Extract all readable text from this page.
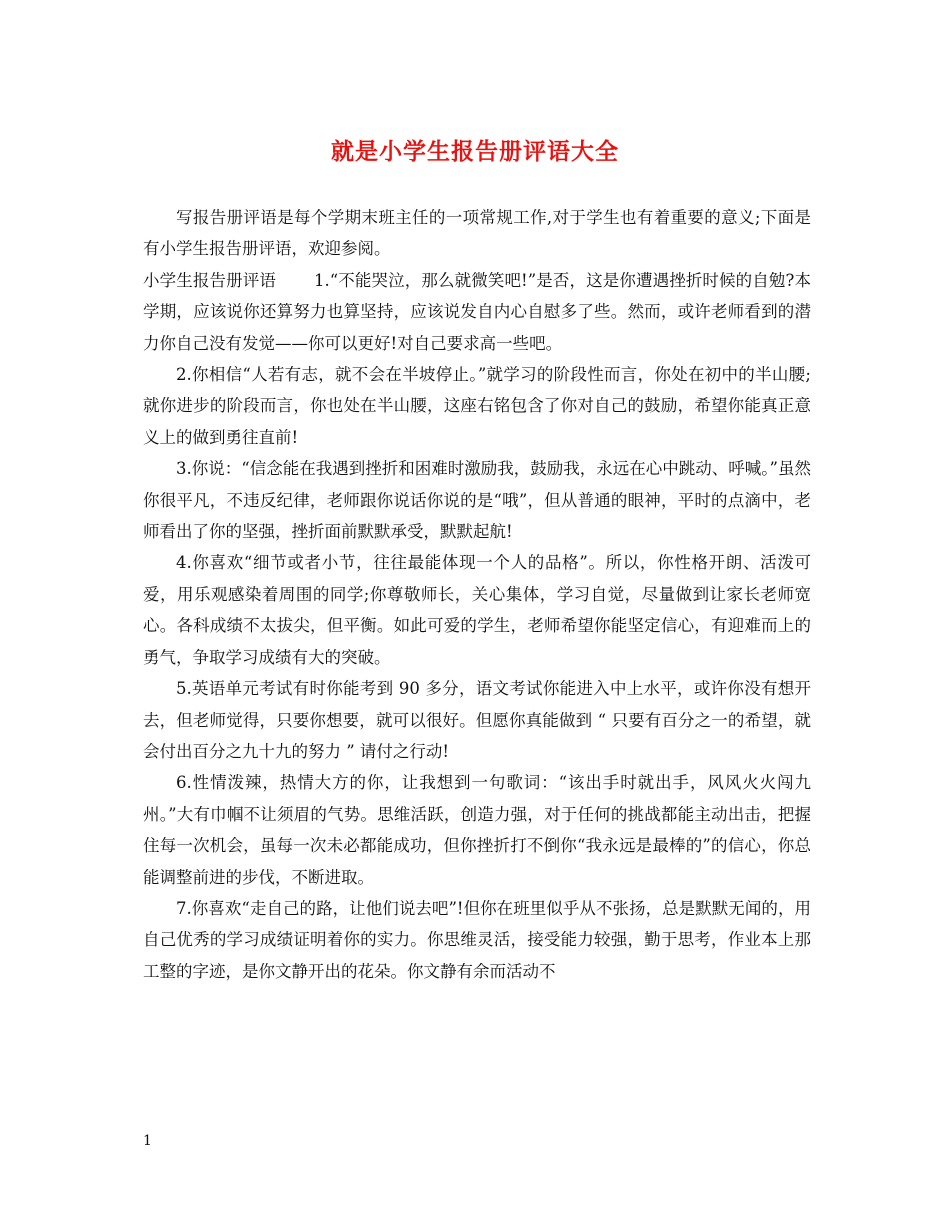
就是小学生报告册评语大全

写报告册评语是每个学期末班主任的一项常规工作,对于学生也有着重要的意义;下面是有小学生报告册评语，欢迎参阅。

小学生报告册评语 1.“不能哭泣，那么就微笑吧!”是否，这是你遭遇挫折时候的自勉?本学期，应该说你还算努力也算坚持，应该说发自内心自慰多了些。然而，或许老师看到的潜力你自己没有发觉——你可以更好!对自己要求高一些吧。

2.你相信“人若有志，就不会在半坡停止。”就学习的阶段性而言，你处在初中的半山腰;就你进步的阶段而言，你也处在半山腰，这座右铭包含了你对自己的鼓励，希望你能真正意义上的做到勇往直前!

3.你说：“信念能在我遇到挫折和困难时激励我，鼓励我，永远在心中跳动、呼喊。”虽然你很平凡，不违反纪律，老师跟你说话你说的是“哦”，但从普通的眼神，平时的点滴中，老师看出了你的坚强，挫折面前默默承受，默默起航!

4.你喜欢“细节或者小节，往往最能体现一个人的品格”。所以，你性格开朗、活泼可爱，用乐观感染着周围的同学;你尊敬师长，关心集体，学习自觉，尽量做到让家长老师宽心。各科成绩不太拔尖，但平衡。如此可爱的学生，老师希望你能坚定信心，有迎难而上的勇气，争取学习成绩有大的突破。

5.英语单元考试有时你能考到 90 多分，语文考试你能进入中上水平，或许你没有想开去，但老师觉得，只要你想要，就可以很好。但愿你真能做到 “ 只要有百分之一的希望，就会付出百分之九十九的努力 ” 请付之行动!

6.性情泼辣，热情大方的你，让我想到一句歌词：“该出手时就出手，风风火火闯九州。”大有巾帼不让须眉的气势。思维活跃，创造力强，对于任何的挑战都能主动出击，把握住每一次机会，虽每一次未必都能成功，但你挫折打不倒你“我永远是最棒的”的信心，你总能调整前进的步伐，不断进取。

7.你喜欢“走自己的路，让他们说去吧”!但你在班里似乎从不张扬，总是默默无闻的，用自己优秀的学习成绩证明着你的实力。你思维灵活，接受能力较强，勤于思考，作业本上那工整的字迹，是你文静开出的花朵。你文静有余而活动不

1
